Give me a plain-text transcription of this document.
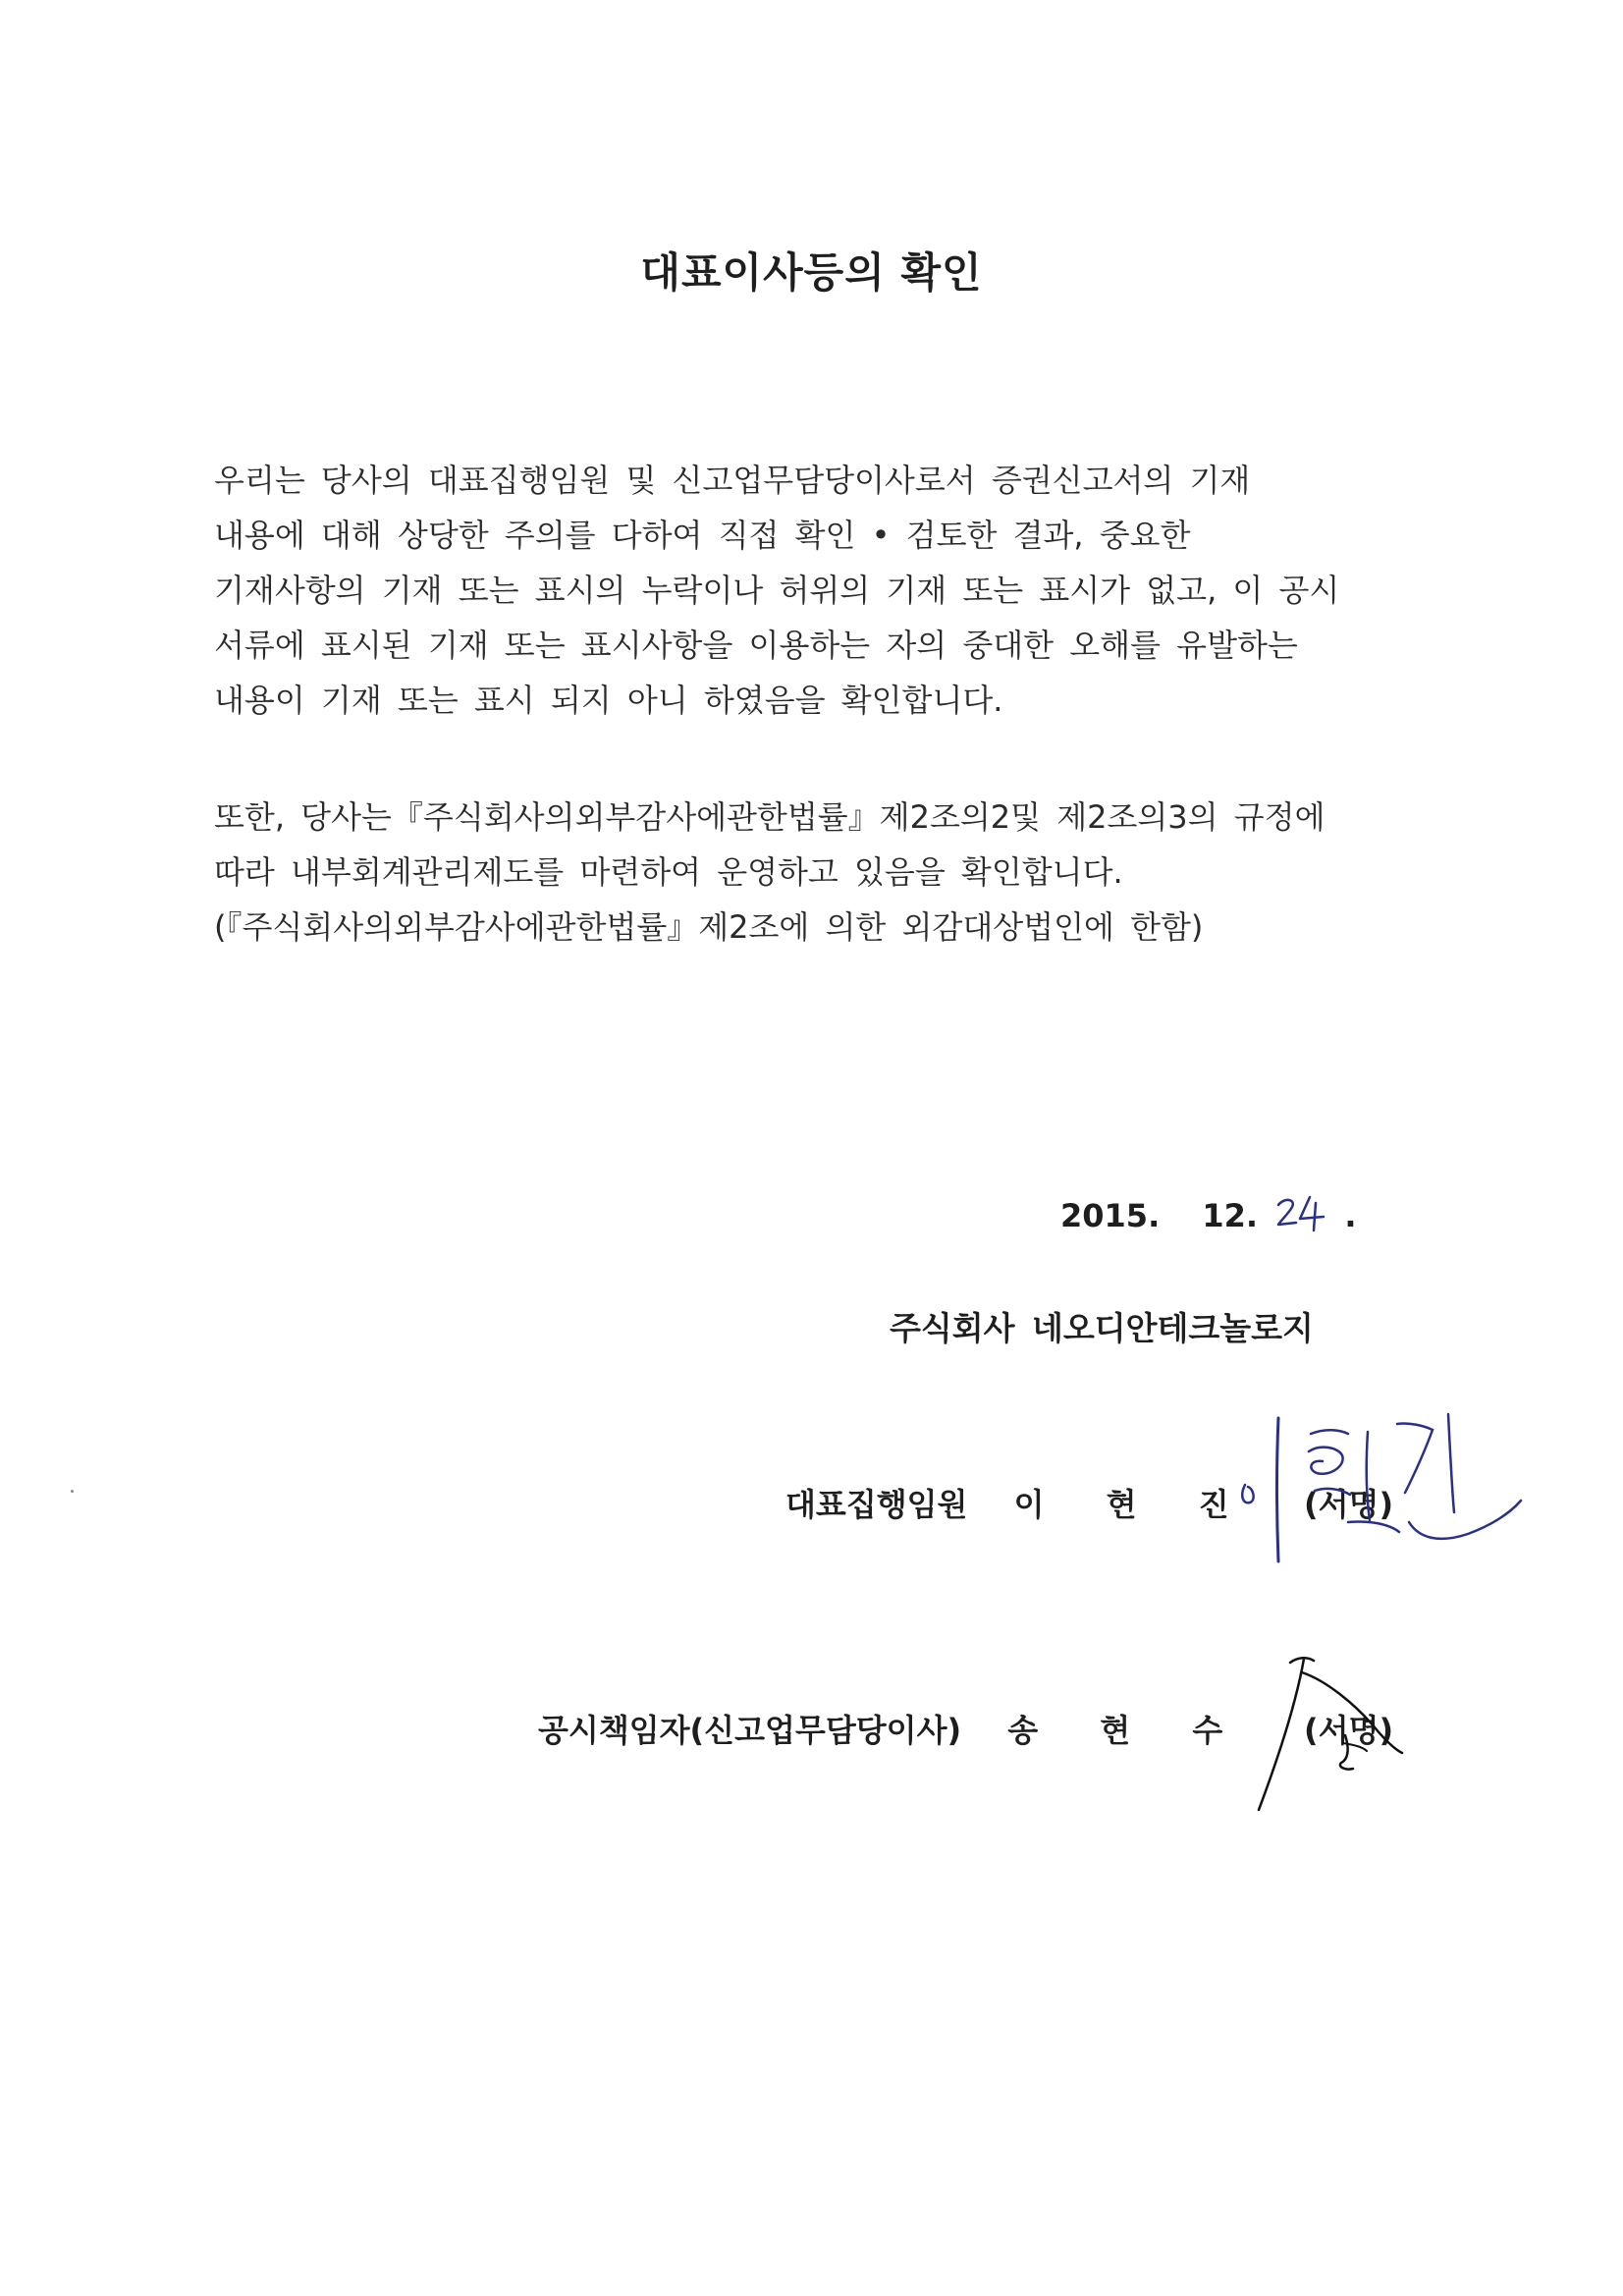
대표이사등의 확인
우리는 당사의 대표집행임원 및 신고업무담당이사로서 증권신고서의 기재
내용에 대해 상당한 주의를 다하여 직접 확인 • 검토한 결과, 중요한
기재사항의 기재 또는 표시의 누락이나 허위의 기재 또는 표시가 없고, 이 공시
서류에 표시된 기재 또는 표시사항을 이용하는 자의 중대한 오해를 유발하는
내용이 기재 또는 표시 되지 아니 하였음을 확인합니다.
또한, 당사는『주식회사의외부감사에관한법률』제2조의2및 제2조의3의 규정에
따라 내부회계관리제도를 마련하여 운영하고 있음을 확인합니다.
(『주식회사의외부감사에관한법률』제2조에 의한 외감대상법인에 한함)
2015. 12.	.
주식회사 네오디안테크놀로지
대표집행임원 이 현 진 (서명)
공시책임자(신고업무담당이사) 송 현 수	(서명)
